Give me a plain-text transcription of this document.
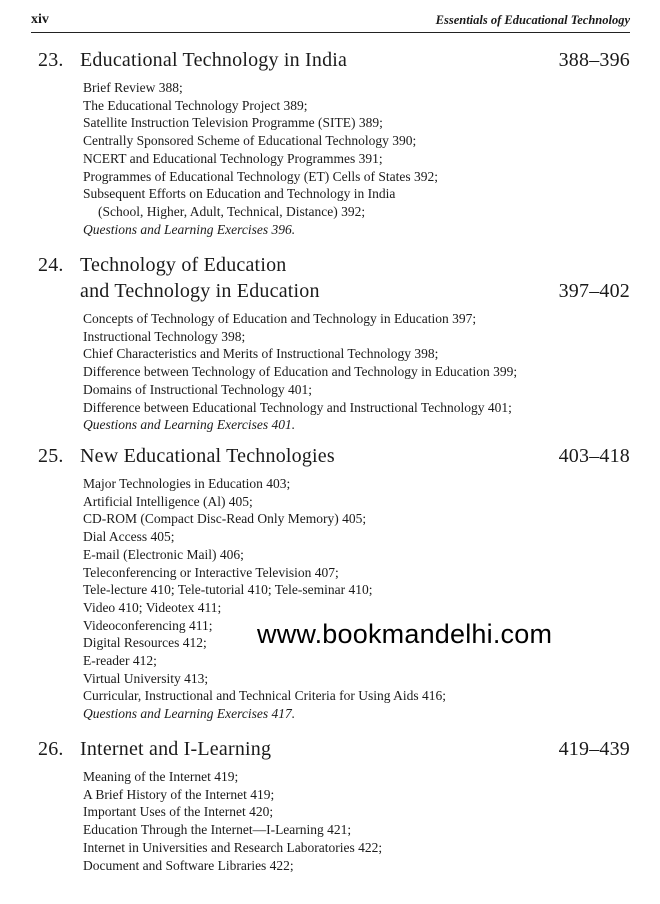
xiv	Essentials of Educational Technology
23. Educational Technology in India	388–396
Brief Review 388;
The Educational Technology Project 389;
Satellite Instruction Television Programme (SITE) 389;
Centrally Sponsored Scheme of Educational Technology 390;
NCERT and Educational Technology Programmes 391;
Programmes of Educational Technology (ET) Cells of States 392;
Subsequent Efforts on Education and Technology in India
(School, Higher, Adult, Technical, Distance) 392;
Questions and Learning Exercises 396.
24. Technology of Education
and Technology in Education	397–402
Concepts of Technology of Education and Technology in Education 397;
Instructional Technology 398;
Chief Characteristics and Merits of Instructional Technology 398;
Difference between Technology of Education and Technology in Education 399;
Domains of Instructional Technology 401;
Difference between Educational Technology and Instructional Technology 401;
Questions and Learning Exercises 401.
25. New Educational Technologies	403–418
Major Technologies in Education 403;
Artificial Intelligence (Al) 405;
CD-ROM (Compact Disc-Read Only Memory) 405;
Dial Access 405;
E-mail (Electronic Mail) 406;
Teleconferencing or Interactive Television 407;
Tele-lecture 410; Tele-tutorial 410; Tele-seminar 410;
Video 410; Videotex 411;
Videoconferencing 411;
Digital Resources 412;
E-reader 412;
Virtual University 413;
Curricular, Instructional and Technical Criteria for Using Aids 416;
Questions and Learning Exercises 417.
26. Internet and I-Learning	419–439
Meaning of the Internet 419;
A Brief History of the Internet 419;
Important Uses of the Internet 420;
Education Through the Internet—I-Learning 421;
Internet in Universities and Research Laboratories 422;
Document and Software Libraries 422;
www.bookmandelhi.com
